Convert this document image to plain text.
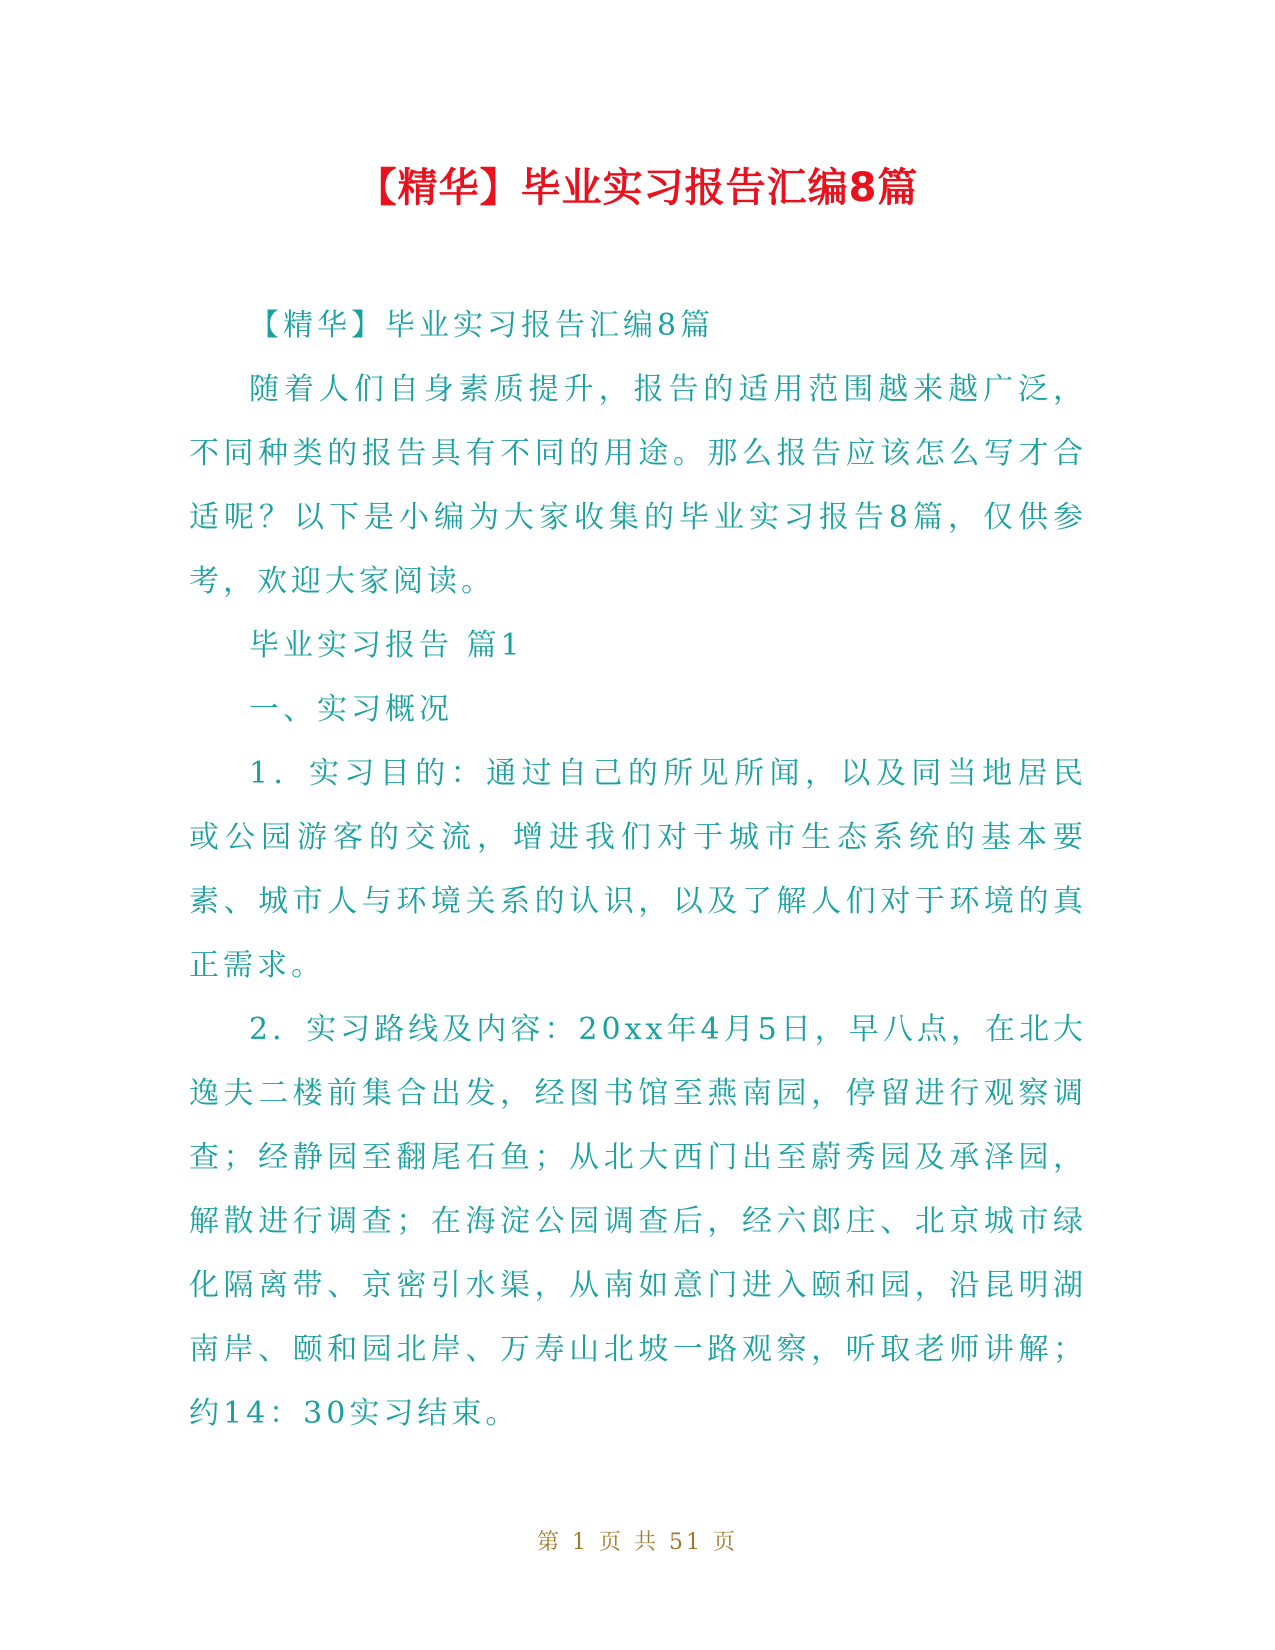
【精华】毕业实习报告汇编8篇

【精华】毕业实习报告汇编8篇

随着人们自身素质提升，报告的适用范围越来越广泛，不同种类的报告具有不同的用途。那么报告应该怎么写才合适呢？以下是小编为大家收集的毕业实习报告8篇，仅供参考，欢迎大家阅读。

毕业实习报告 篇1

一、实习概况

1．实习目的：通过自己的所见所闻，以及同当地居民或公园游客的交流，增进我们对于城市生态系统的基本要素、城市人与环境关系的认识，以及了解人们对于环境的真正需求。

2．实习路线及内容：20xx年4月5日，早八点，在北大逸夫二楼前集合出发，经图书馆至燕南园，停留进行观察调查；经静园至翻尾石鱼；从北大西门出至蔚秀园及承泽园，解散进行调查；在海淀公园调查后，经六郎庄、北京城市绿化隔离带、京密引水渠，从南如意门进入颐和园，沿昆明湖南岸、颐和园北岸、万寿山北坡一路观察，听取老师讲解；约14：30实习结束。

第 1 页 共 51 页
